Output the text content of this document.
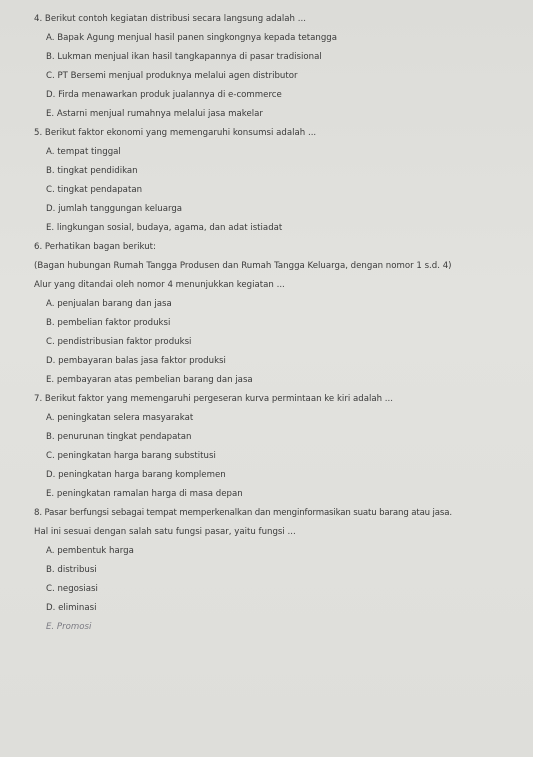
4. Berikut contoh kegiatan distribusi secara langsung adalah ...
A. Bapak Agung menjual hasil panen singkongnya kepada tetangga
B. Lukman menjual ikan hasil tangkapannya di pasar tradisional
C. PT Bersemi menjual produknya melalui agen distributor
D. Firda menawarkan produk jualannya di e-commerce
E. Astarni menjual rumahnya melalui jasa makelar
5. Berikut faktor ekonomi yang memengaruhi konsumsi adalah ...
A. tempat tinggal
B. tingkat pendidikan
C. tingkat pendapatan
D. jumlah tanggungan keluarga
E. lingkungan sosial, budaya, agama, dan adat istiadat
6. Perhatikan bagan berikut:
(Bagan hubungan Rumah Tangga Produsen dan Rumah Tangga Keluarga, dengan nomor 1 s.d. 4)
Alur yang ditandai oleh nomor 4 menunjukkan kegiatan ...
A. penjualan barang dan jasa
B. pembelian faktor produksi
C. pendistribusian faktor produksi
D. pembayaran balas jasa faktor produksi
E. pembayaran atas pembelian barang dan jasa
7. Berikut faktor yang memengaruhi pergeseran kurva permintaan ke kiri adalah ...
A. peningkatan selera masyarakat
B. penurunan tingkat pendapatan
C. peningkatan harga barang substitusi
D. peningkatan harga barang komplemen
E. peningkatan ramalan harga di masa depan
8. Pasar berfungsi sebagai tempat memperkenalkan dan menginformasikan suatu barang atau jasa.
Hal ini sesuai dengan salah satu fungsi pasar, yaitu fungsi ...
A. pembentuk harga
B. distribusi
C. negosiasi
D. eliminasi
E. Promosi
